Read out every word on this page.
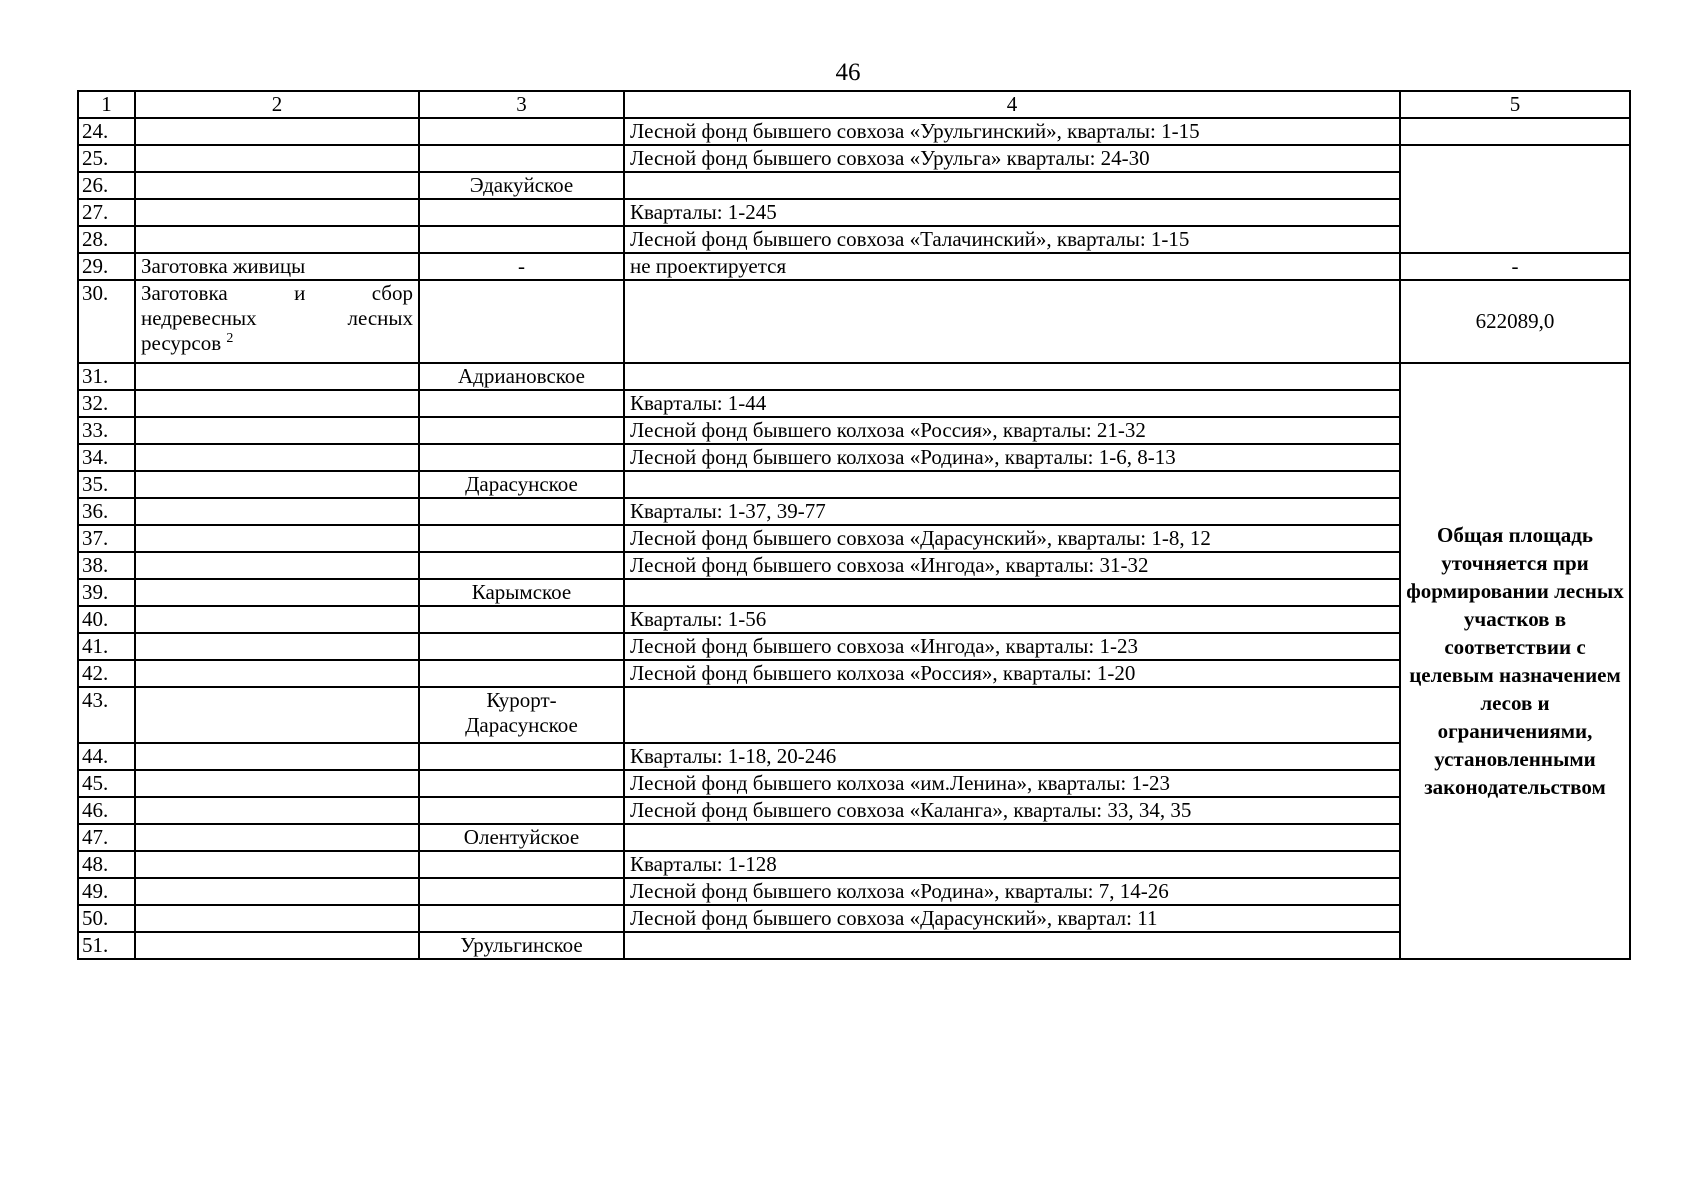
46
1	2	3	4	5
24.			Лесной фонд бывшего совхоза «Урульгинский», кварталы: 1-15	
25.			Лесной фонд бывшего совхоза «Урульга» кварталы: 24-30	
26.		Эдакуйское		
27.			Кварталы: 1-245	
28.			Лесной фонд бывшего совхоза «Талачинский», кварталы: 1-15	
29.	Заготовка живицы	-	не проектируется	-
30.	Заготовка и сбор
недревесных лесных
ресурсов $^2$			622089,0
31.		Адриановское		Общая площадь уточняется при формировании лесных участков в соответствии с целевым назначением лесов и ограничениями, установленными законодательством
32.			Кварталы: 1-44	
33.			Лесной фонд бывшего колхоза «Россия», кварталы: 21-32	
34.			Лесной фонд бывшего колхоза «Родина», кварталы: 1-6, 8-13	
35.		Дарасунское		
36.			Кварталы: 1-37, 39-77	
37.			Лесной фонд бывшего совхоза «Дарасунский», кварталы: 1-8, 12	
38.			Лесной фонд бывшего совхоза «Ингода», кварталы: 31-32	
39.		Карымское		
40.			Кварталы: 1-56	
41.			Лесной фонд бывшего совхоза «Ингода», кварталы: 1-23	
42.			Лесной фонд бывшего колхоза «Россия», кварталы: 1-20	
43.		Курорт-
Дарасунское		

44.			Кварталы: 1-18, 20-246	
45.			Лесной фонд бывшего колхоза «им.Ленина», кварталы: 1-23	
46.			Лесной фонд бывшего совхоза «Каланга», кварталы: 33, 34, 35	
47.		Олентуйское		
48.			Кварталы: 1-128	
49.			Лесной фонд бывшего колхоза «Родина», кварталы: 7, 14-26	
50.			Лесной фонд бывшего совхоза «Дарасунский», квартал: 11	
51.		Урульгинское		
